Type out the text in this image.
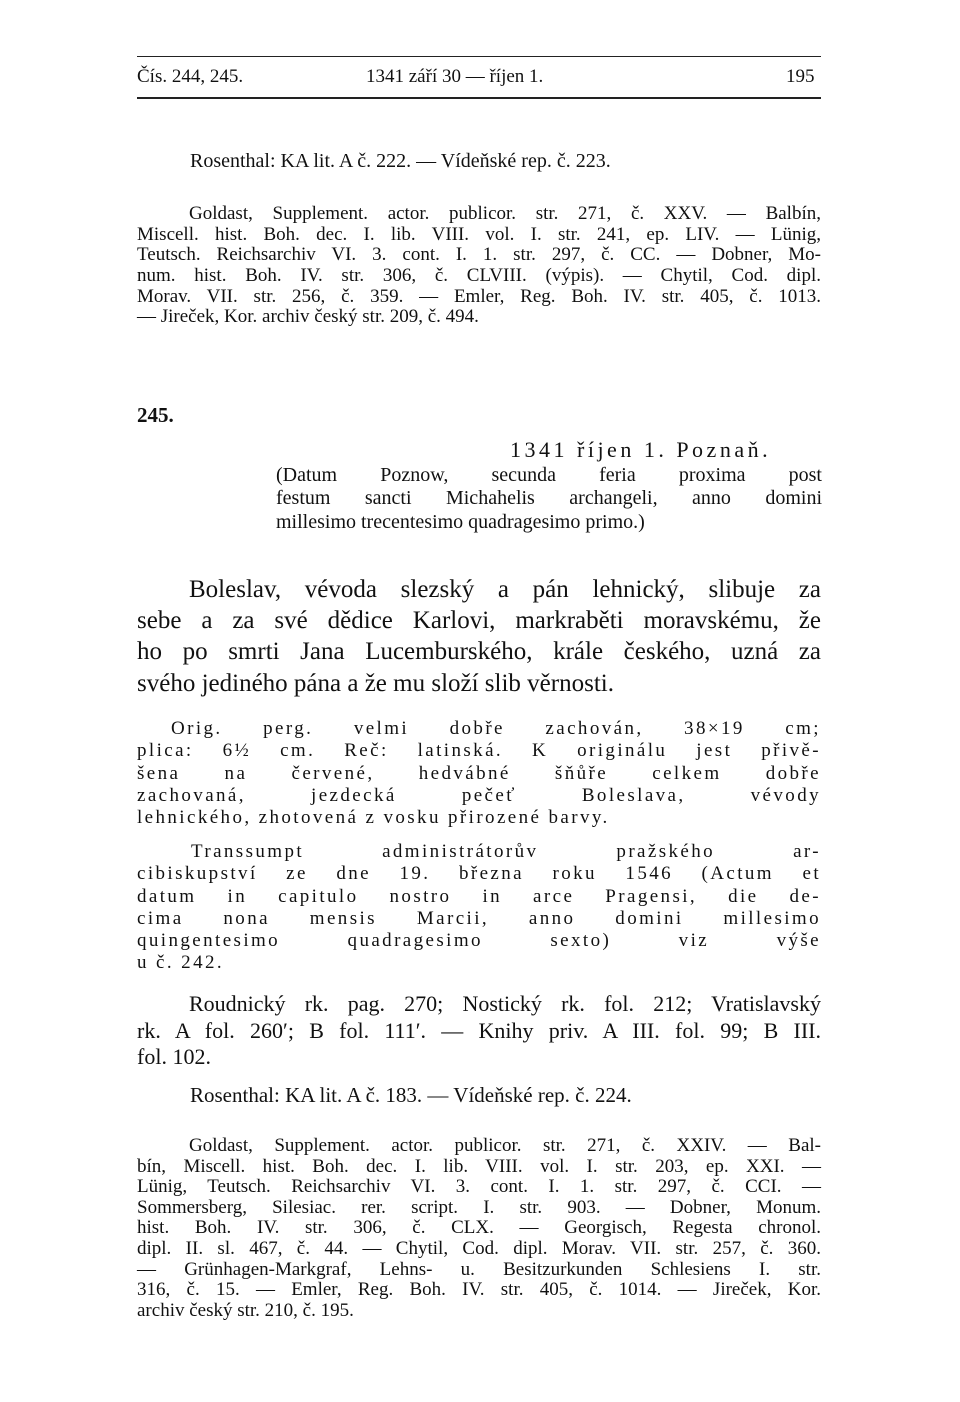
Čís. 244, 245.	1341 září 30 — říjen 1.	195
Rosenthal: KA lit. A č. 222. — Vídeňské rep. č. 223.
Goldast, Supplement. actor. publicor. str. 271, č. XXV. — Balbín,
Miscell. hist. Boh. dec. I. lib. VIII. vol. I. str. 241, ep. LIV. — Lünig,
Teutsch. Reichsarchiv VI. 3. cont. I. 1. str. 297, č. CC. — Dobner, Mo-
num. hist. Boh. IV. str. 306, č. CLVIII. (výpis). — Chytil, Cod. dipl.
Morav. VII. str. 256, č. 359. — Emler, Reg. Boh. IV. str. 405, č. 1013.
— Jireček, Kor. archiv český str. 209, č. 494.
245.
1341 říjen 1. Poznaň.
(Datum Poznow, secunda feria proxima post
festum sancti Michahelis archangeli, anno domini
millesimo trecentesimo quadragesimo primo.)
Boleslav, vévoda slezský a pán lehnický, slibuje za
sebe a za své dědice Karlovi, markraběti moravskému, že
ho po smrti Jana Lucemburského, krále českého, uzná za
svého jediného pána a že mu složí slib věrnosti.
Orig. perg. velmi dobře zachován, 38×19 cm;
plica: 6½ cm. Reč: latinská. K originálu jest přivě-
šena na červené, hedvábné šňůře celkem dobře
zachovaná, jezdecká pečeť Boleslava, vévody
lehnického, zhotovená z vosku přirozené barvy.
Transsumpt administrátorův pražského ar-
cibiskupství ze dne 19. března roku 1546 (Actum et
datum in capitulo nostro in arce Pragensi, die de-
cima nona mensis Marcii, anno domini millesimo
quingentesimo quadragesimo sexto) viz výše
u č. 242.
Roudnický rk. pag. 270; Nostický rk. fol. 212; Vratislavský
rk. A fol. 260′; B fol. 111′. — Knihy priv. A III. fol. 99; B III.
fol. 102.
Rosenthal: KA lit. A č. 183. — Vídeňské rep. č. 224.
Goldast, Supplement. actor. publicor. str. 271, č. XXIV. — Bal-
bín, Miscell. hist. Boh. dec. I. lib. VIII. vol. I. str. 203, ep. XXI. —
Lünig, Teutsch. Reichsarchiv VI. 3. cont. I. 1. str. 297, č. CCI. —
Sommersberg, Silesiac. rer. script. I. str. 903. — Dobner, Monum.
hist. Boh. IV. str. 306, č. CLX. — Georgisch, Regesta chronol.
dipl. II. sl. 467, č. 44. — Chytil, Cod. dipl. Morav. VII. str. 257, č. 360.
— Grünhagen-Markgraf, Lehns- u. Besitzurkunden Schlesiens I. str.
316, č. 15. — Emler, Reg. Boh. IV. str. 405, č. 1014. — Jireček, Kor.
archiv český str. 210, č. 195.
